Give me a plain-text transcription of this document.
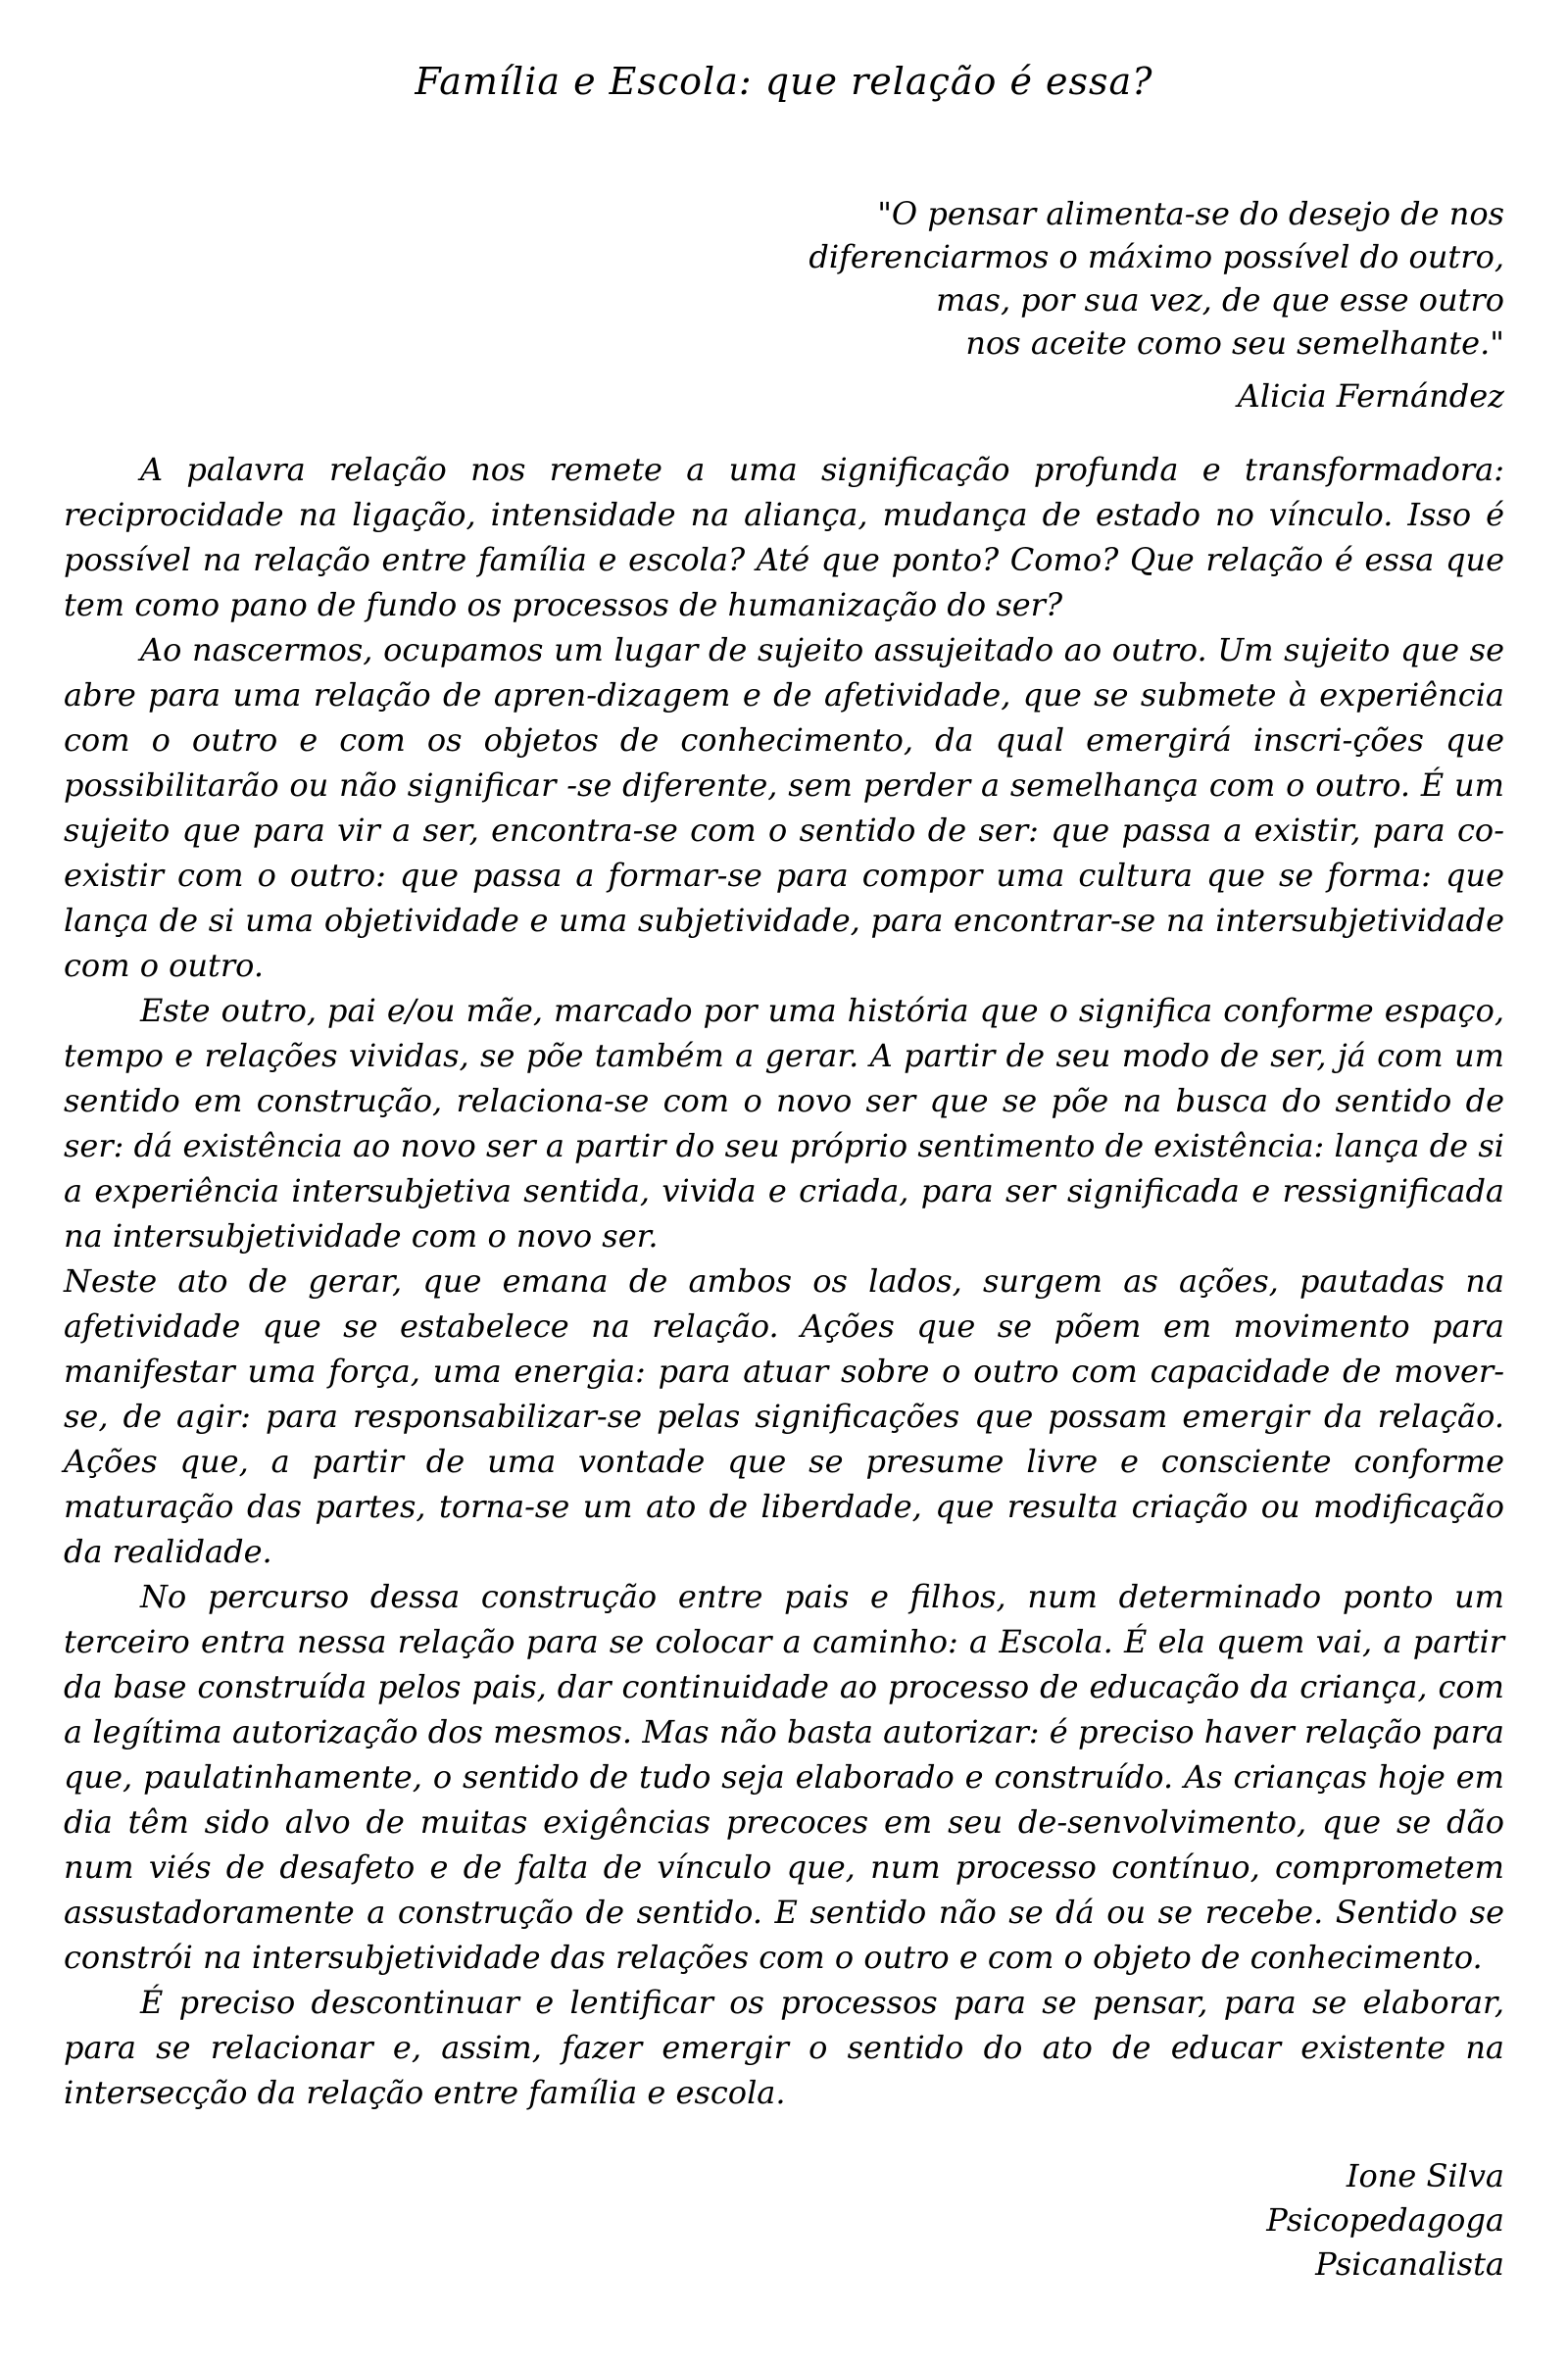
Família e Escola: que relação é essa?
"O pensar alimenta-se do desejo de nos
diferenciarmos o máximo possível do outro,
mas, por sua vez, de que esse outro
nos aceite como seu semelhante."
Alicia Fernández

A palavra relação nos remete a uma significação profunda e transformadora: reciprocidade na ligação, intensidade na aliança, mudança de estado no vínculo. Isso é possível na relação entre família e escola? Até que ponto? Como? Que relação é essa que tem como pano de fundo os processos de humanização do ser?

Ao nascermos, ocupamos um lugar de sujeito assujeitado ao outro. Um sujeito que se abre para uma relação de apren-dizagem e de afetividade, que se submete à experiência com o outro e com os objetos de conhecimento, da qual emergirá inscri-ções que possibilitarão ou não significar -se diferente, sem perder a semelhança com o outro. É um sujeito que para vir a ser, encontra-se com o sentido de ser: que passa a existir, para co-existir com o outro: que passa a formar-se para compor uma cultura que se forma: que lança de si uma objetividade e uma subjetividade, para encontrar-se na intersubjetividade com o outro.

Este outro, pai e/ou mãe, marcado por uma história que o significa conforme espaço, tempo e relações vividas, se põe também a gerar. A partir de seu modo de ser, já com um sentido em construção, relaciona-se com o novo ser que se põe na busca do sentido de ser: dá existência ao novo ser a partir do seu próprio sentimento de existência: lança de si a experiência intersubjetiva sentida, vivida e criada, para ser significada e ressignificada na intersubjetividade com o novo ser.

Neste ato de gerar, que emana de ambos os lados, surgem as ações, pautadas na afetividade que se estabelece na relação. Ações que se põem em movimento para manifestar uma força, uma energia: para atuar sobre o outro com capacidade de mover-se, de agir: para responsabilizar-se pelas significações que possam emergir da relação. Ações que, a partir de uma vontade que se presume livre e consciente conforme maturação das partes, torna-se um ato de liberdade, que resulta criação ou modificação da realidade.

No percurso dessa construção entre pais e filhos, num determinado ponto um terceiro entra nessa relação para se colocar a caminho: a Escola. É ela quem vai, a partir da base construída pelos pais, dar continuidade ao processo de educação da criança, com a legítima autorização dos mesmos. Mas não basta autorizar: é preciso haver relação para que, paulatinhamente, o sentido de tudo seja elaborado e construído. As crianças hoje em dia têm sido alvo de muitas exigências precoces em seu de-senvolvimento, que se dão num viés de desafeto e de falta de vínculo que, num processo contínuo, comprometem assustadoramente a construção de sentido. E sentido não se dá ou se recebe. Sentido se constrói na intersubjetividade das relações com o outro e com o objeto de conhecimento.

É preciso descontinuar e lentificar os processos para se pensar, para se elaborar, para se relacionar e, assim, fazer emergir o sentido do ato de educar existente na intersecção da relação entre família e escola.

Ione Silva
Psicopedagoga
Psicanalista
